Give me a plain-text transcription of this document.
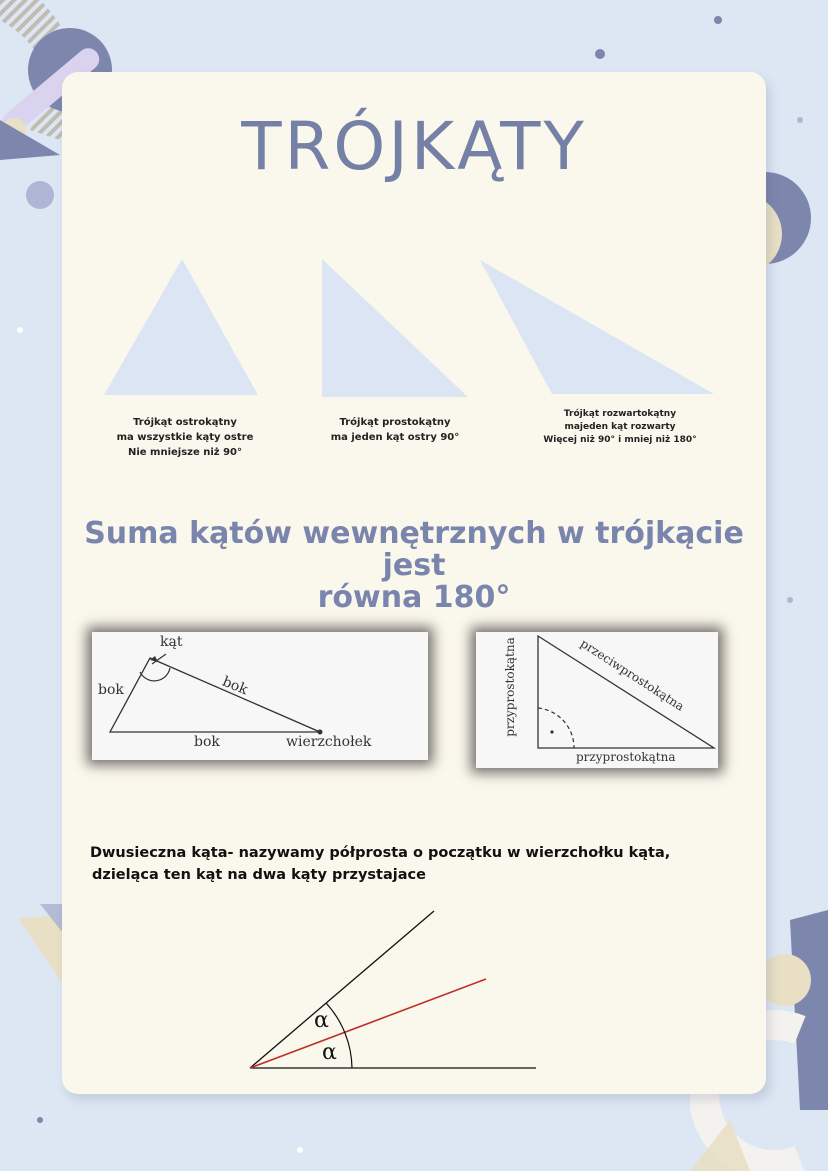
TRÓJKĄTY
Trójkąt ostrokątny
ma wszystkie kąty ostre
Nie mniejsze niż 90°
Trójkąt prostokątny
ma jeden kąt ostry 90°
Trójkąt rozwartokątny
majeden kąt rozwarty
Więcej niż 90° i mniej niż 180°
Suma kątów wewnętrznych w trójkącie jest
równa 180°
kąt
bok	bok
bok	wierzchołek
przyprostokątna	przeciwprostokątna
przyprostokątna
Dwusieczna kąta- nazywamy półprosta o początku w wierzchołku kąta,
dzieląca ten kąt na dwa kąty przystajace
α
α
